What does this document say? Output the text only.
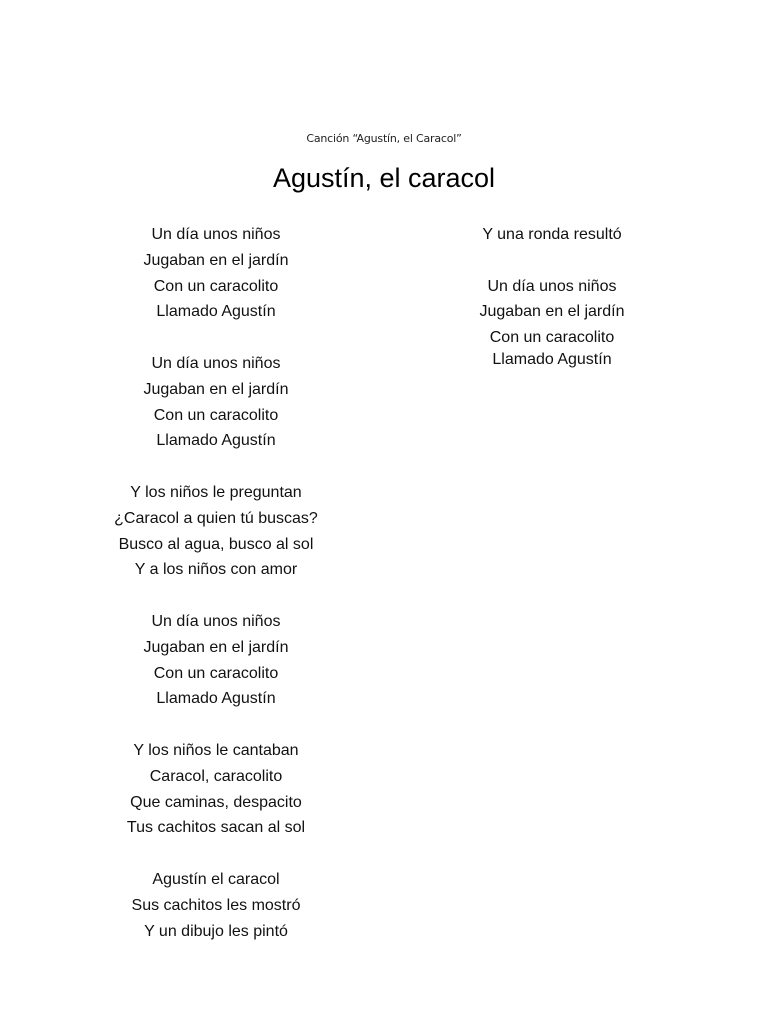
Canción “Agustín, el Caracol”
Agustín, el caracol
Un día unos niños
Jugaban en el jardín
Con un caracolito
Llamado Agustín
Un día unos niños
Jugaban en el jardín
Con un caracolito
Llamado Agustín
Y los niños le preguntan
¿Caracol a quien tú buscas?
Busco al agua, busco al sol
Y a los niños con amor
Un día unos niños
Jugaban en el jardín
Con un caracolito
Llamado Agustín
Y los niños le cantaban
Caracol, caracolito
Que caminas, despacito
Tus cachitos sacan al sol
Agustín el caracol
Sus cachitos les mostró
Y un dibujo les pintó
Y una ronda resultó
Un día unos niños
Jugaban en el jardín
Con un caracolito
Llamado Agustín
